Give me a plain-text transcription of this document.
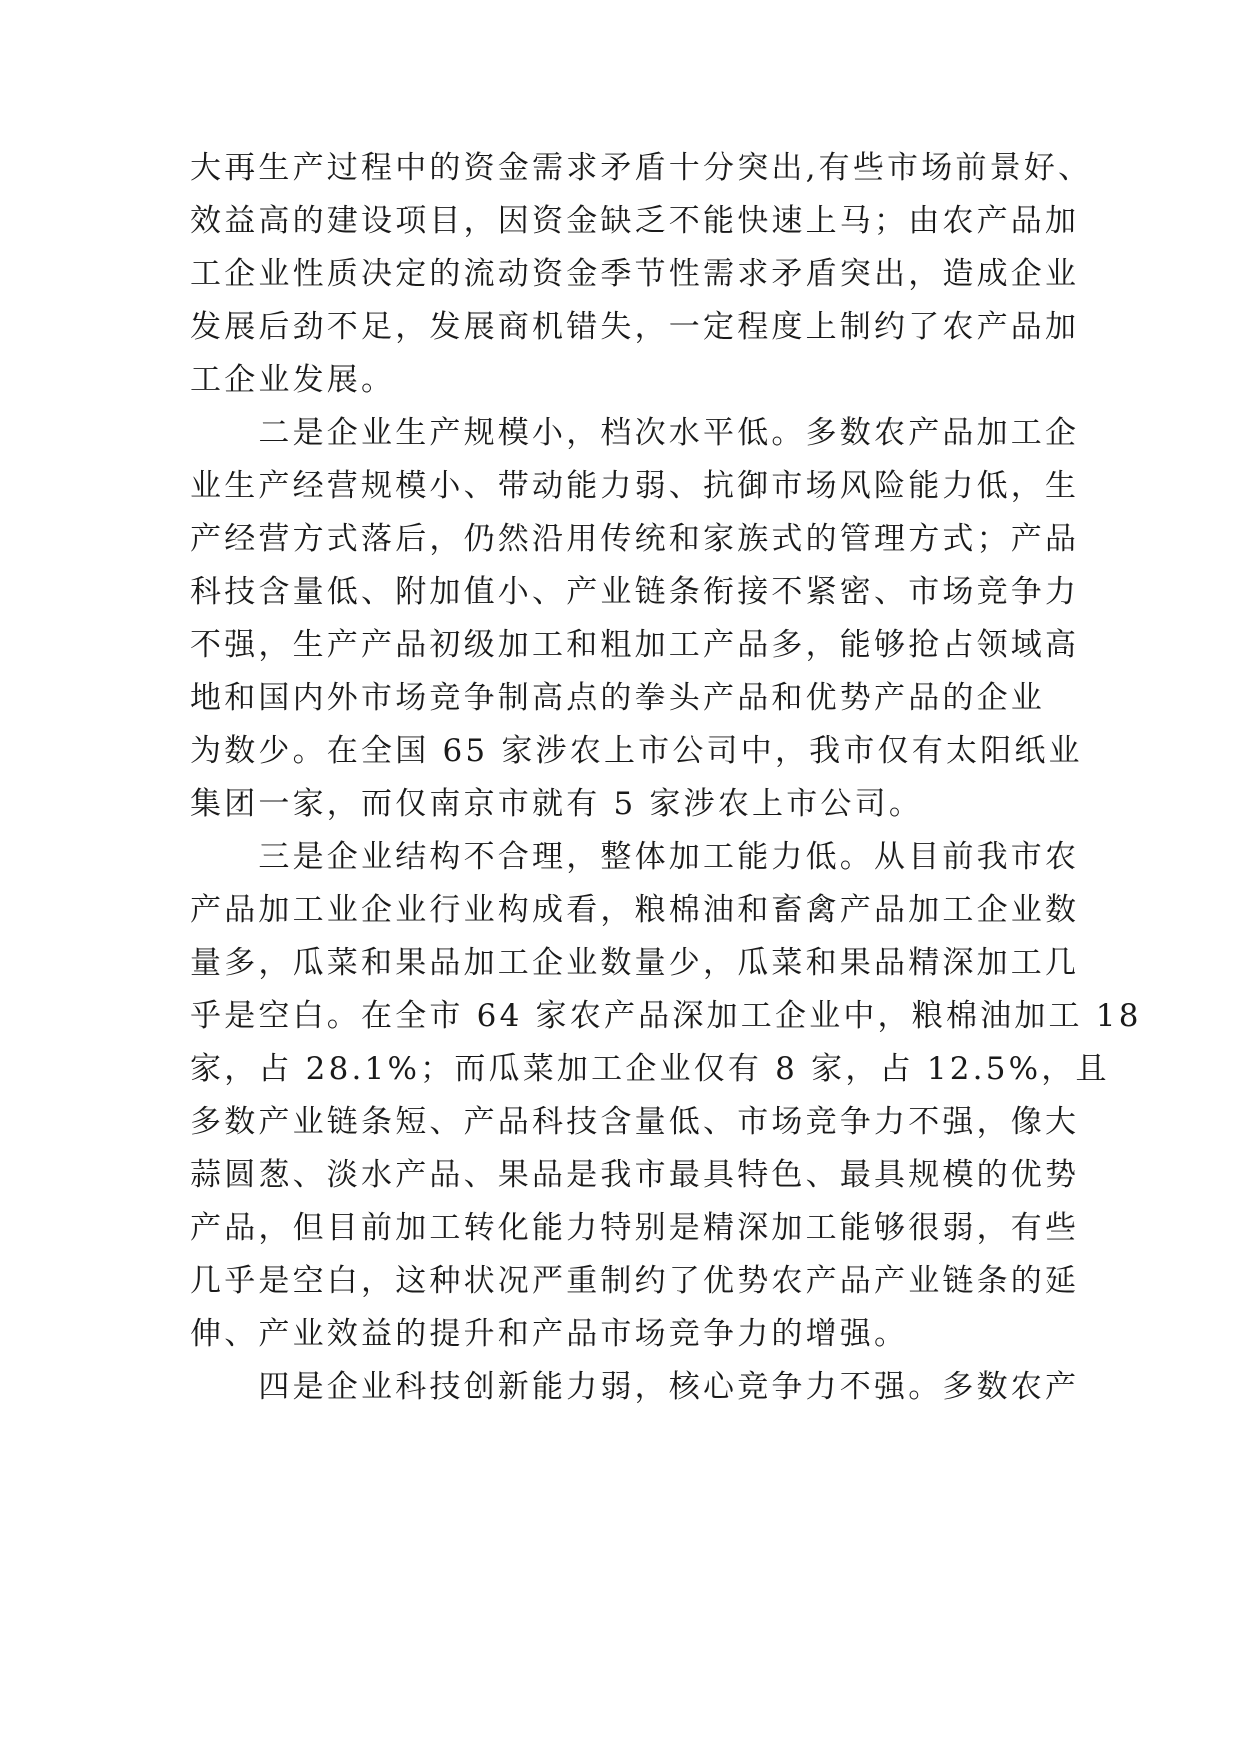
大再生产过程中的资金需求矛盾十分突出,有些市场前景好、
效益高的建设项目，因资金缺乏不能快速上马；由农产品加
工企业性质决定的流动资金季节性需求矛盾突出，造成企业
发展后劲不足，发展商机错失，一定程度上制约了农产品加
工企业发展。
　　二是企业生产规模小，档次水平低。多数农产品加工企
业生产经营规模小、带动能力弱、抗御市场风险能力低，生
产经营方式落后，仍然沿用传统和家族式的管理方式；产品
科技含量低、附加值小、产业链条衔接不紧密、市场竞争力
不强，生产产品初级加工和粗加工产品多，能够抢占领域高
地和国内外市场竞争制高点的拳头产品和优势产品的企业
为数少。在全国 65 家涉农上市公司中，我市仅有太阳纸业
集团一家，而仅南京市就有 5 家涉农上市公司。
　　三是企业结构不合理，整体加工能力低。从目前我市农
产品加工业企业行业构成看，粮棉油和畜禽产品加工企业数
量多，瓜菜和果品加工企业数量少，瓜菜和果品精深加工几
乎是空白。在全市 64 家农产品深加工企业中，粮棉油加工 18
家，占 28.1%；而瓜菜加工企业仅有 8 家，占 12.5%，且
多数产业链条短、产品科技含量低、市场竞争力不强，像大
蒜圆葱、淡水产品、果品是我市最具特色、最具规模的优势
产品，但目前加工转化能力特别是精深加工能够很弱，有些
几乎是空白，这种状况严重制约了优势农产品产业链条的延
伸、产业效益的提升和产品市场竞争力的增强。
　　四是企业科技创新能力弱，核心竞争力不强。多数农产
